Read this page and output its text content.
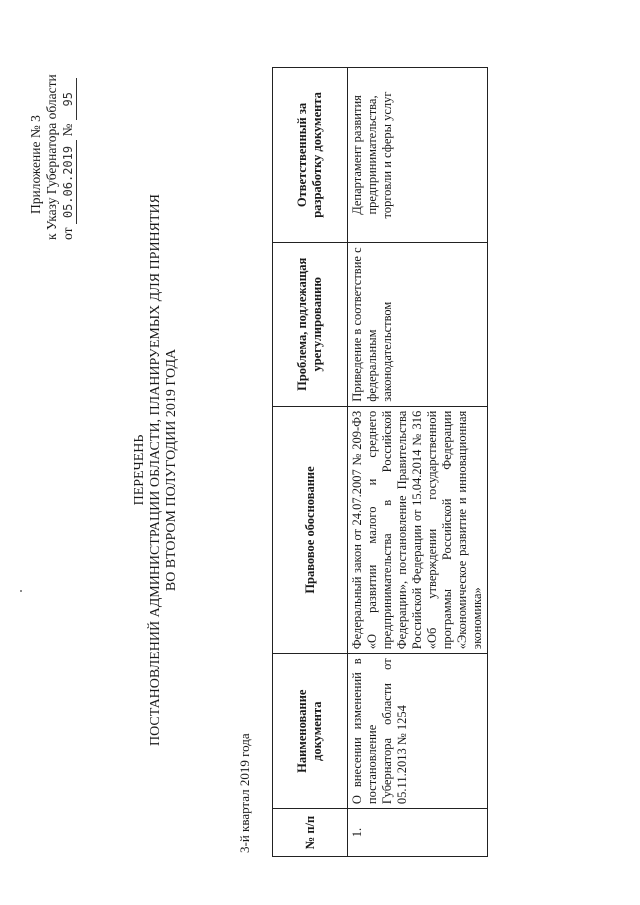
Приложение № 3 к Указу Губернатора области от 05.06.2019 № 95
ПЕРЕЧЕНЬ ПОСТАНОВЛЕНИЙ АДМИНИСТРАЦИИ ОБЛАСТИ, ПЛАНИРУЕМЫХ ДЛЯ ПРИНЯТИЯ ВО ВТОРОМ ПОЛУГОДИИ 2019 ГОДА
3-й квартал 2019 года	№ п/п	Наименование документа	Правовое обоснование	Проблема, подлежащая урегулированию	Ответственный за разработку документа
1.	О внесении изменений в постановление Губернатора области от 05.11.2013 № 1254	Федеральный закон от 24.07.2007 № 209-ФЗ «О развитии малого и среднего предпринимательства в Российской Федерации», постановление Правительства Российской Федерации от 15.04.2014 № 316 «Об утверждении государственной программы Российской Федерации «Экономическое развитие и инновационная экономика»	Приведение в соответствие с федеральным законодательством	Департамент развития предпринимательства, торговли и сферы услуг
